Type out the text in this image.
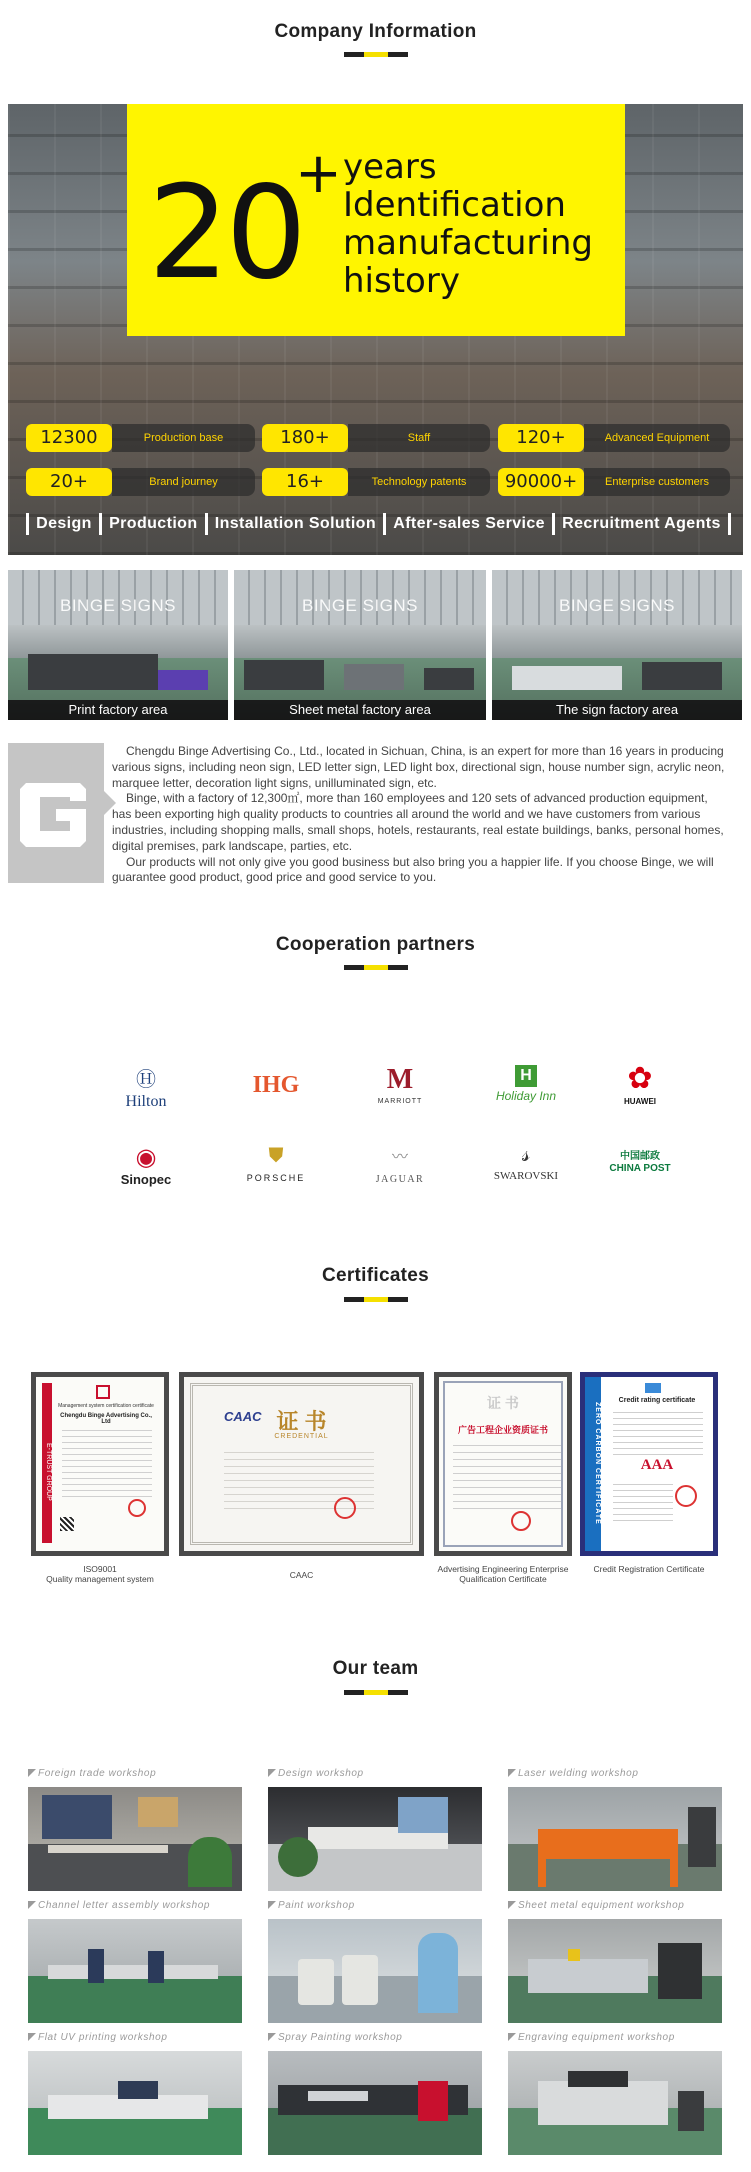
Company Information
20
+ years
Identification
manufacturing
history
12300	Production base	180+	Staff	120+	Advanced Equipment
20+	Brand journey	16+	Technology patents	90000+	Enterprise customers
Design Production Installation Solution After-sales Service Recruitment Agents
BINGE SIGNS
Print factory area
BINGE SIGNS
Sheet metal factory area
BINGE SIGNS
The sign factory area

Chengdu Binge Advertising Co., Ltd., located in Sichuan, China, is an expert for more than 16 years in producing various signs, including neon sign, LED letter sign, LED light box, directional sign, house number sign, acrylic neon, marquee letter, decoration light signs, unilluminated sign, etc.

Binge, with a factory of 12,300㎡, more than 160 employees and 120 sets of advanced production equipment, has been exporting high quality products to countries all around the world and we have customers from various industries, including shopping malls, small shops, hotels, restaurants, real estate buildings, banks, personal homes, digital premises, park landscape, parties, etc.

Our products will not only give you good business but also bring you a happier life. If you choose Binge, we will guarantee good product, good price and good service to you.

Cooperation partners
Ⓗ
Hilton
IHG
	M
MARRIOTT
H
Holiday Inn
✿
HUAWEI
◉
Sinopec
⛊
PORSCHE
〰
JAGUAR
𝓈
SWAROVSKI
中国邮政 CHINA POST
Certificates
E-TRUST GROUP
Management system certification certificate
Chengdu Binge Advertising Co., Ltd
ISO9001
Quality management system
CAAC 证 书
CREDENTIAL
CAAC
证 书
广告工程企业资质证书
Advertising Engineering Enterprise
Qualification Certificate
ZERO CARBON CERTIFICATE
Credit rating certificate
AAA
Credit Registration Certificate
Our team
Foreign trade workshop	Design workshop	Laser welding workshop
Channel letter assembly workshop	Paint workshop	Sheet metal equipment workshop
Flat UV printing workshop	Spray Painting workshop	Engraving equipment workshop
